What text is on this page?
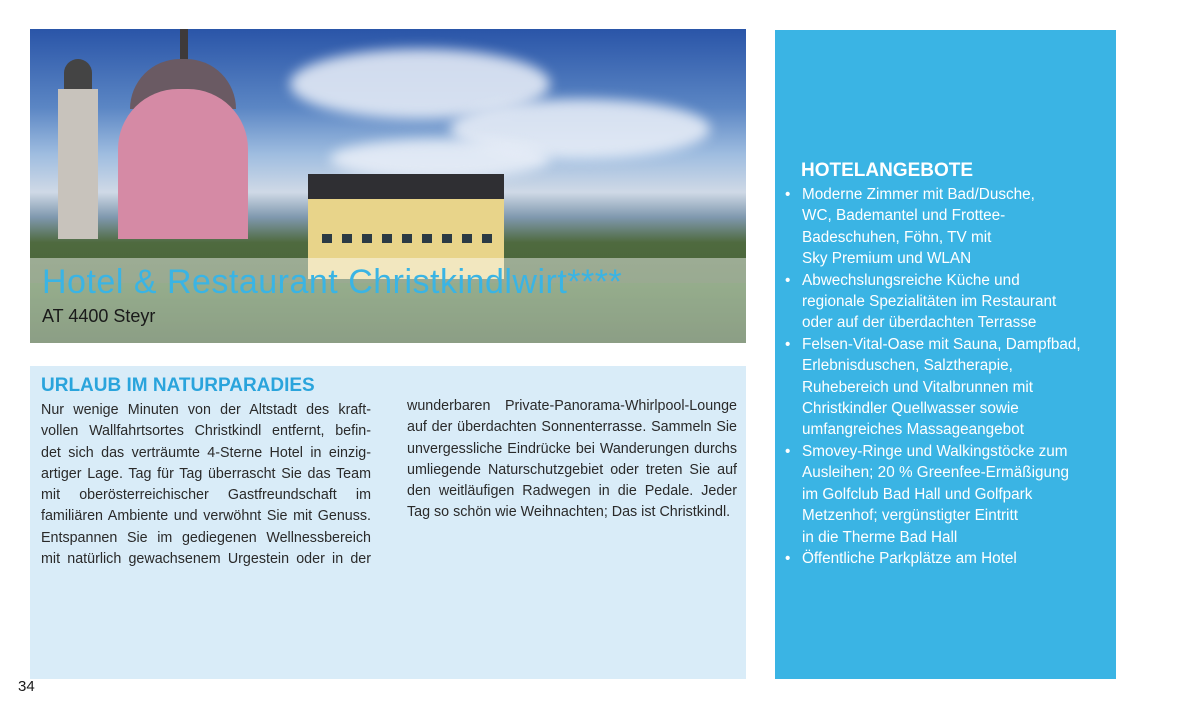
Hotel & Restaurant Christkindlwirt****
AT 4400 Steyr
URLAUB IM NATURPARADIES
Nur wenige Minuten von der Altstadt des kraft-
vollen Wallfahrtsortes Christkindl entfernt, befin-
det sich das verträumte 4-Sterne Hotel in einzig-
artiger Lage. Tag für Tag überrascht Sie das Team
mit oberösterreichischer Gastfreundschaft im
familiären Ambiente und verwöhnt Sie mit Genuss.
Entspannen Sie im gediegenen Wellnessbereich
mit natürlich gewachsenem Urgestein oder in der
wunderbaren Private-Panorama-Whirlpool-Lounge
auf der überdachten Sonnenterrasse. Sammeln Sie
unvergessliche Eindrücke bei Wanderungen durchs
umliegende Naturschutzgebiet oder treten Sie auf
den weitläufigen Radwegen in die Pedale. Jeder
Tag so schön wie Weihnachten; Das ist Christkindl.
HOTELANGEBOTE
• Moderne Zimmer mit Bad/Dusche,
WC, Bademantel und Frottee-
Badeschuhen, Föhn, TV mit
Sky Premium und WLAN
• Abwechslungsreiche Küche und
regionale Spezialitäten im Restaurant
oder auf der überdachten Terrasse
• Felsen-Vital-Oase mit Sauna, Dampfbad,
Erlebnisduschen, Salztherapie,
Ruhebereich und Vitalbrunnen mit
Christkindler Quellwasser sowie
umfangreiches Massageangebot
• Smovey-Ringe und Walkingstöcke zum
Ausleihen; 20 % Greenfee-Ermäßigung
im Golfclub Bad Hall und Golfpark
Metzenhof; vergünstigter Eintritt
in die Therme Bad Hall
• Öffentliche Parkplätze am Hotel
34
